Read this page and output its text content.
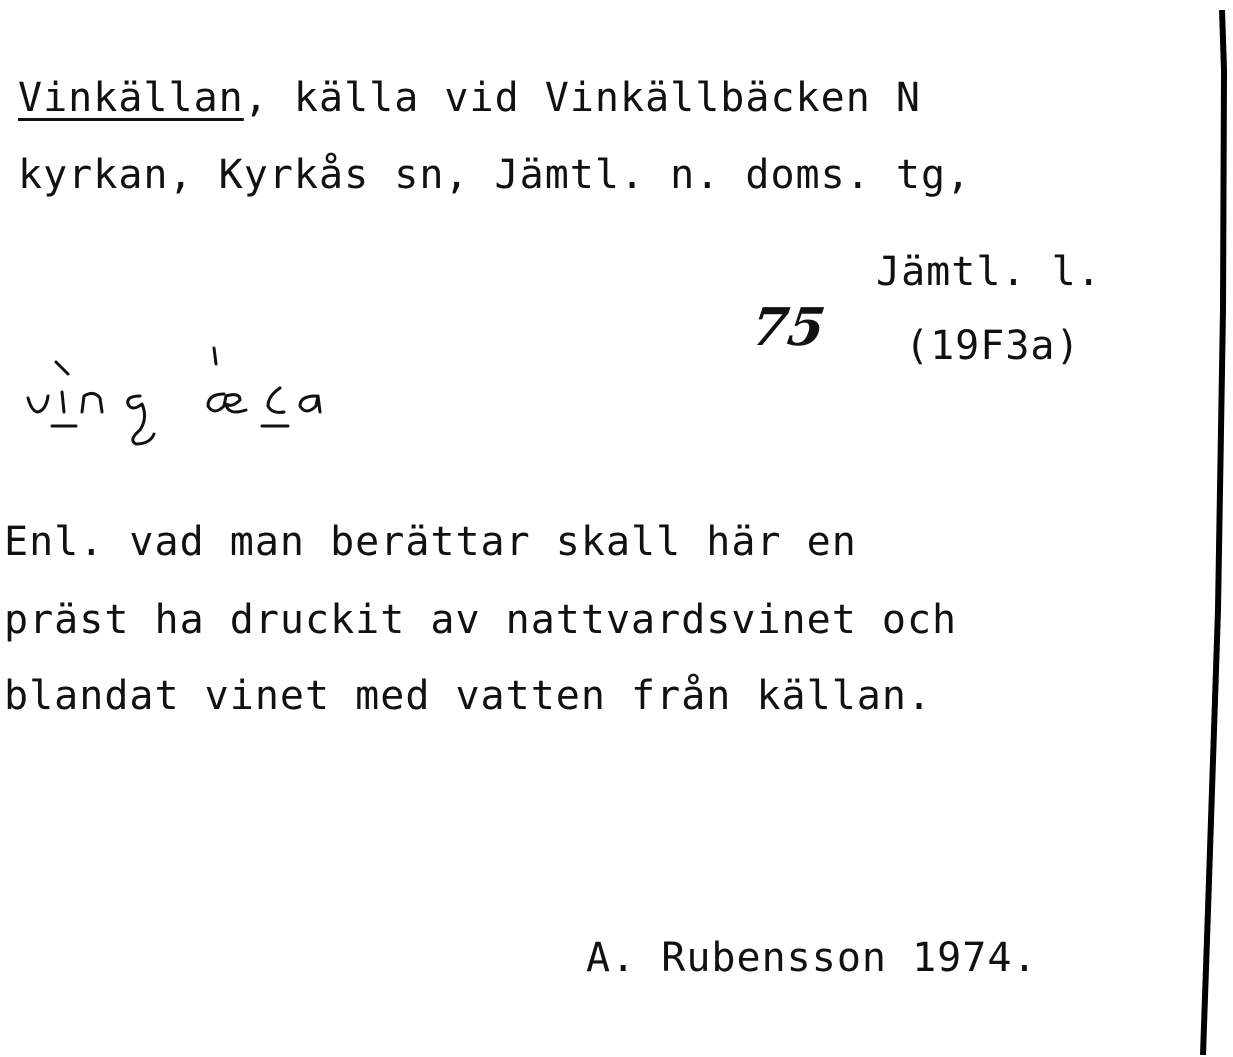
Vinkällan, källa vid Vinkällbäcken N
kyrkan, Kyrkås sn, Jämtl. n. doms. tg,
Jämtl. l.
75 (19F3a)
Enl. vad man berättar skall här en
präst ha druckit av nattvardsvinet och
blandat vinet med vatten från källan.
A. Rubensson 1974.
